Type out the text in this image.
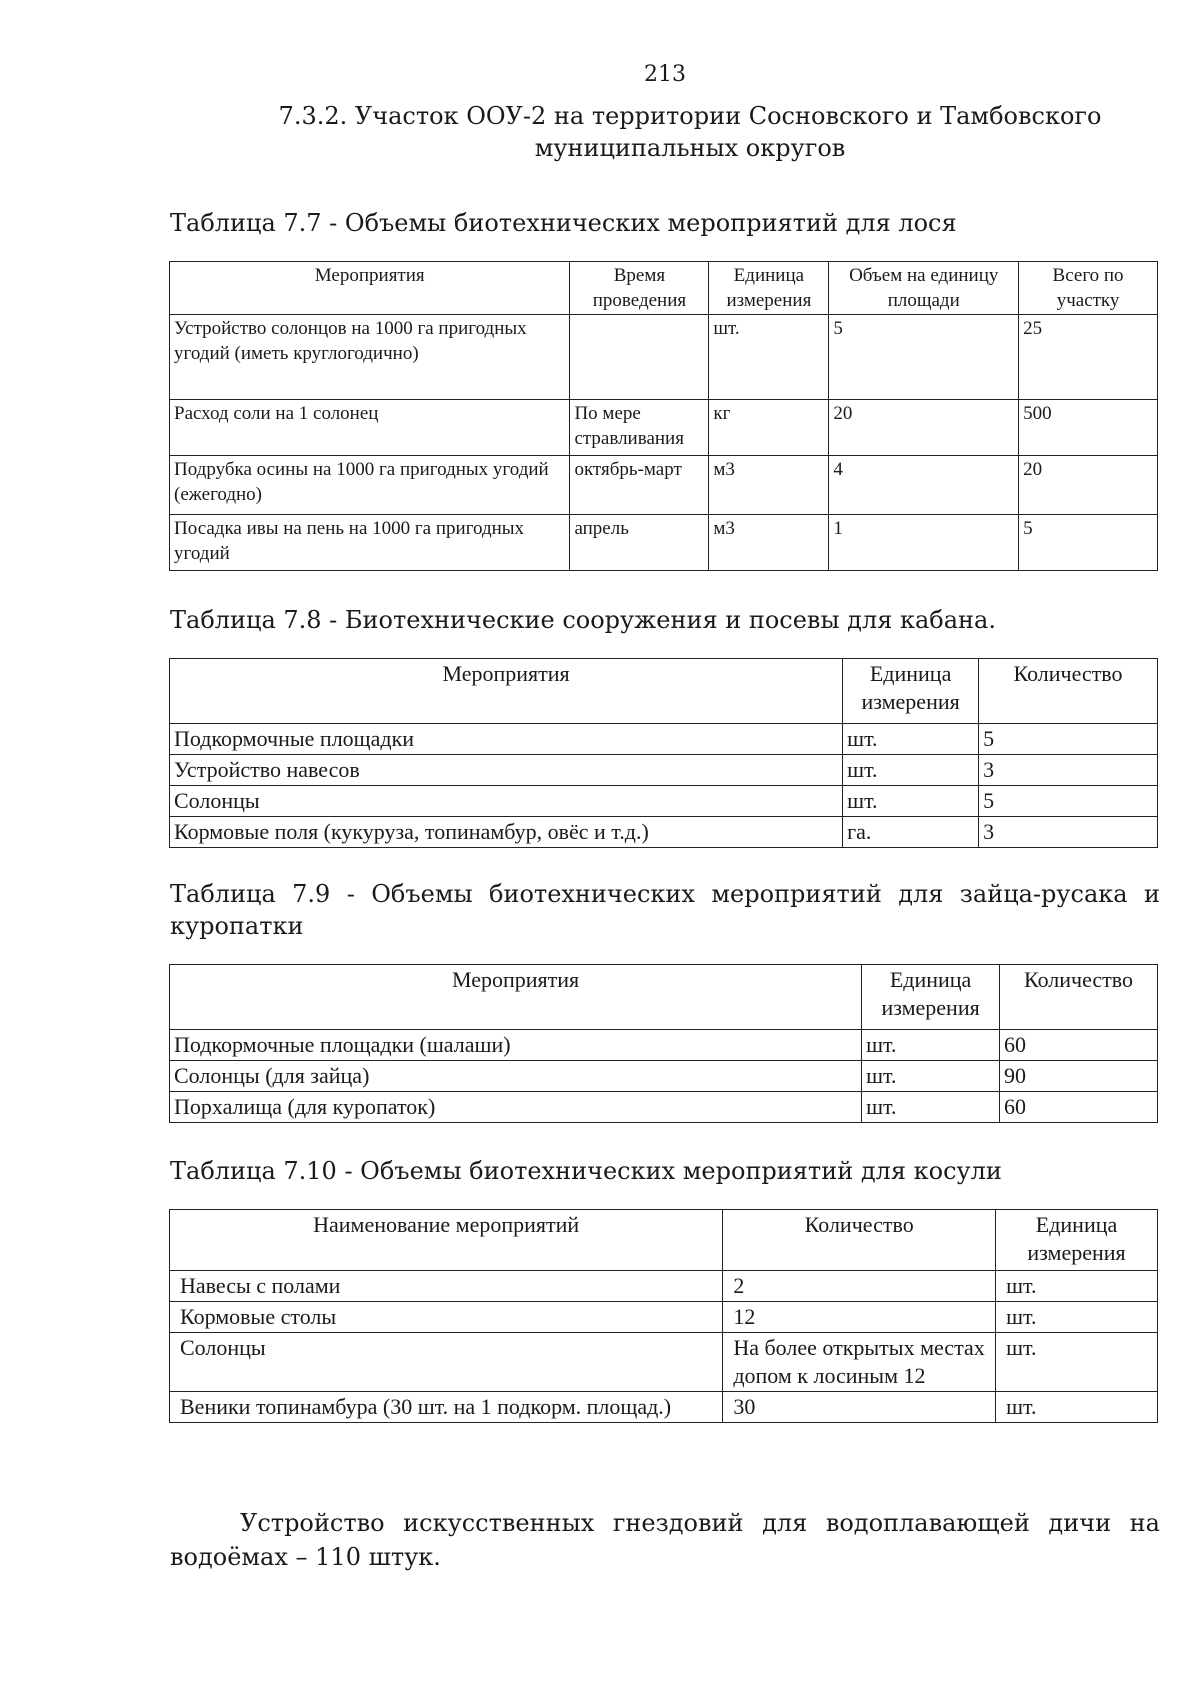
213
7.3.2. Участок ООУ-2 на территории Сосновского и Тамбовского
муниципальных округов
Таблица 7.7 - Объемы биотехнических мероприятий для лося
Мероприятия	Время проведения	Единица измерения	Объем на единицу площади	Всего по участку
Устройство солонцов на 1000 га пригодных угодий (иметь круглогодично)		шт.	5	25
Расход соли на 1 солонец	По мере стравливания	кг	20	500
Подрубка осины на 1000 га пригодных угодий (ежегодно)	октябрь-март	м3	4	20
Посадка ивы на пень на 1000 га пригодных угодий	апрель	м3	1	5
Таблица 7.8 - Биотехнические сооружения и посевы для кабана.
Мероприятия	Единица измерения	Количество
Подкормочные площадки	шт.	5
Устройство навесов	шт.	3
Солонцы	шт.	5
Кормовые поля (кукуруза, топинамбур, овёс и т.д.)	га.	3
Таблица 7.9 - Объемы биотехнических мероприятий для зайца-русака и куропатки
Мероприятия	Единица измерения	Количество
Подкормочные площадки (шалаши)	шт.	60
Солонцы (для зайца)	шт.	90
Порхалища (для куропаток)	шт.	60
Таблица 7.10 - Объемы биотехнических мероприятий для косули
Наименование мероприятий	Количество	Единица измерения
Навесы с полами	2	шт.
Кормовые столы	12	шт.
Солонцы	На более открытых местах допом к лосиным 12	шт.
Веники топинамбура (30 шт. на 1 подкорм. площад.)	30	шт.
Устройство искусственных гнездовий для водоплавающей дичи на водоёмах – 110 штук.
